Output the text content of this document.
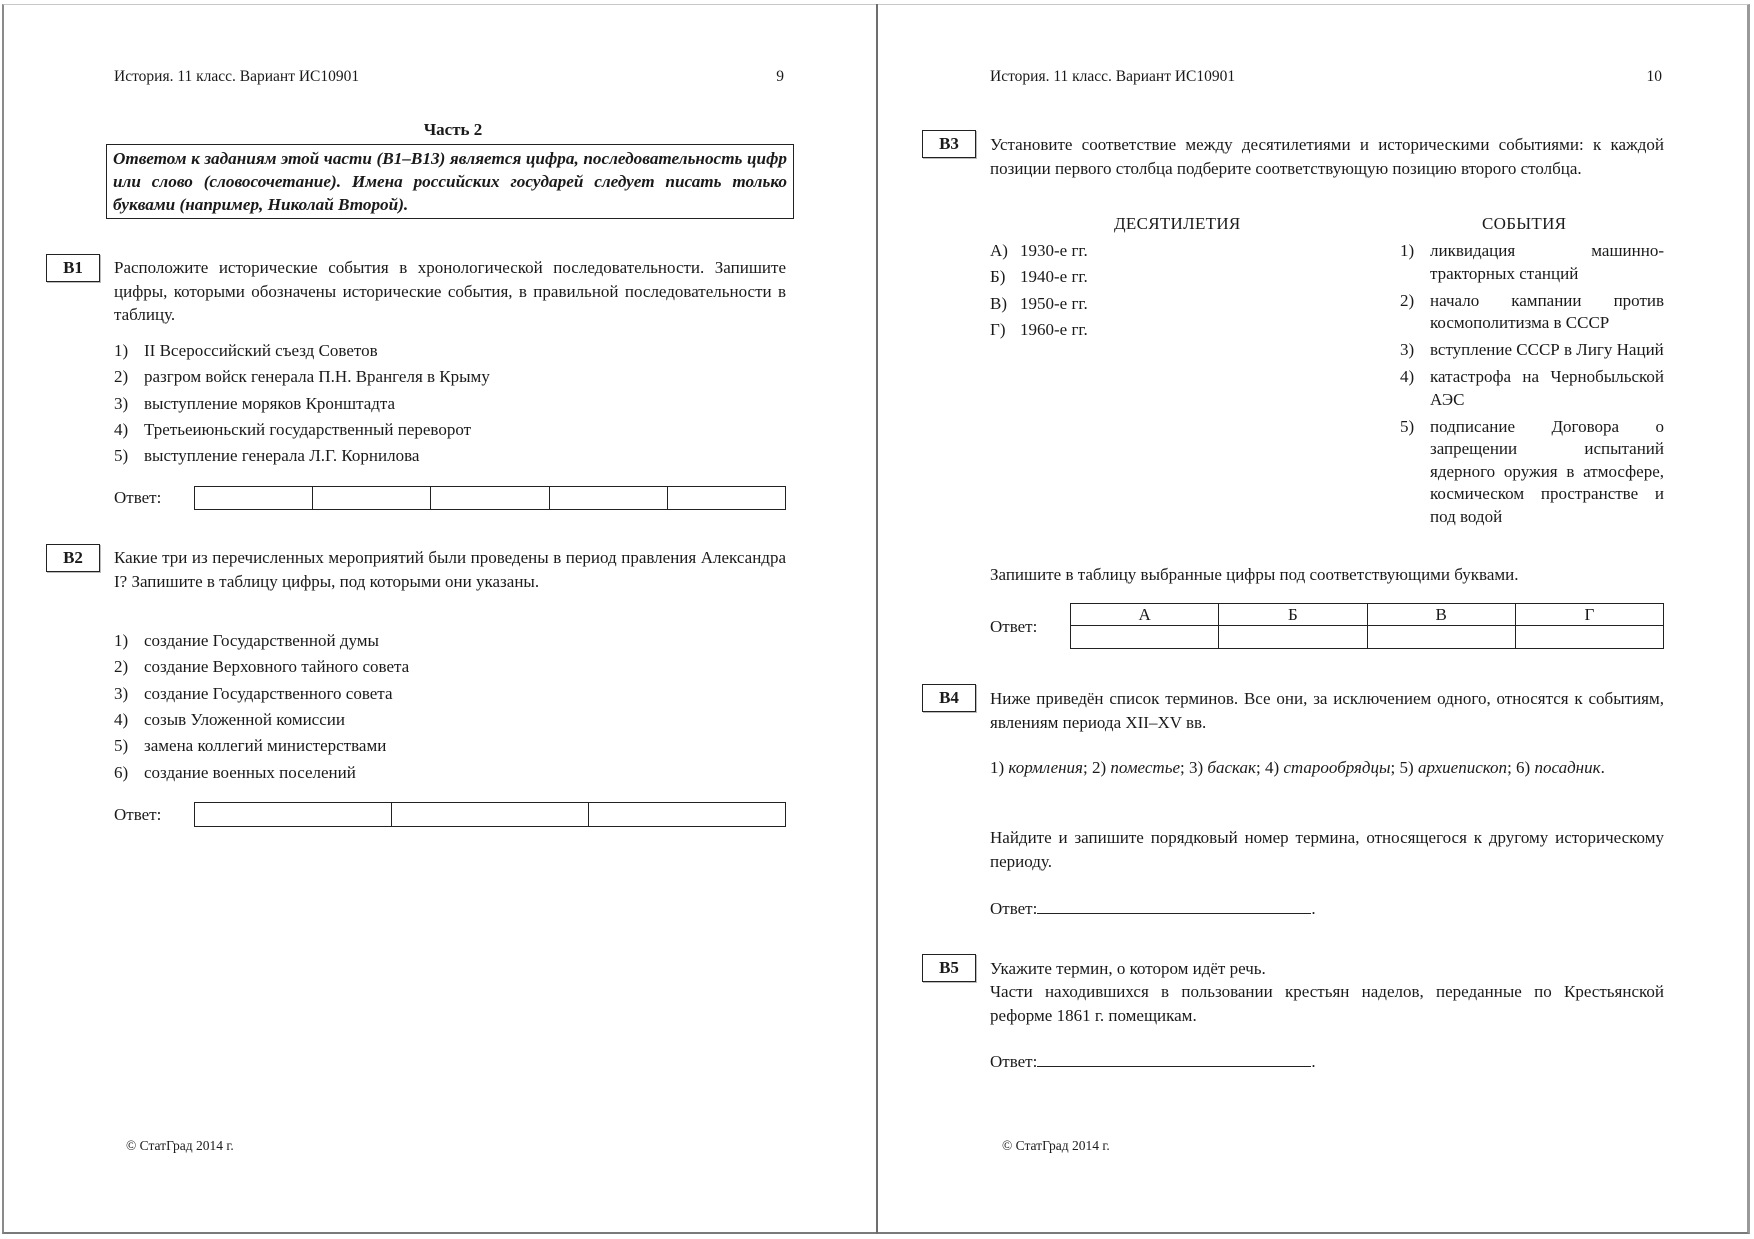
История. 11 класс. Вариант ИС10901	9
Часть 2
Ответом к заданиям этой части (В1–В13) является цифра, последовательность цифр или слово (словосочетание). Имена российских государей следует писать только буквами (например, Николай Второй).
В1	Расположите исторические события в хронологической последовательности. Запишите цифры, которыми обозначены исторические события, в правильной последовательности в таблицу.
1) II Всероссийский съезд Советов
2) разгром войск генерала П.Н. Врангеля в Крыму
3) выступление моряков Кронштадта
4) Третьеиюньский государственный переворот
5) выступление генерала Л.Г. Корнилова
Ответ:

В2	Какие три из перечисленных мероприятий были проведены в период правления Александра I? Запишите в таблицу цифры, под которыми они указаны.
1) создание Государственной думы
2) создание Верховного тайного совета
3) создание Государственного совета
4) созыв Уложенной комиссии
5) замена коллегий министерствами
6) создание военных поселений
Ответ:

© СтатГрад 2014 г.
История. 11 класс. Вариант ИС10901	10
В3	Установите соответствие между десятилетиями и историческими событиями: к каждой позиции первого столбца подберите соответствующую позицию второго столбца.
ДЕСЯТИЛЕТИЯ	СОБЫТИЯ
А) 1930-е гг.
Б) 1940-е гг.
В) 1950-е гг.
Г) 1960-е гг.
1) ликвидация машинно-тракторных станций
2) начало кампании против космополитизма в СССР
3) вступление СССР в Лигу Наций
4) катастрофа на Чернобыльской АЭС
5) подписание Договора о запрещении испытаний ядерного оружия в атмосфере, космическом пространстве и под водой
Запишите в таблицу выбранные цифры под соответствующими буквами.
Ответ:
А	Б	В	Г

В4	Ниже приведён список терминов. Все они, за исключением одного, относятся к событиям, явлениям периода XII–XV вв.
1) кормления; 2) поместье; 3) баскак; 4) старообрядцы; 5) архиепископ; 6) посадник.
Найдите и запишите порядковый номер термина, относящегося к другому историческому периоду.
Ответ:	.
В5	Укажите термин, о котором идёт речь.
Части находившихся в пользовании крестьян наделов, переданные по Крестьянской реформе 1861 г. помещикам.
Ответ:	.
© СтатГрад 2014 г.
